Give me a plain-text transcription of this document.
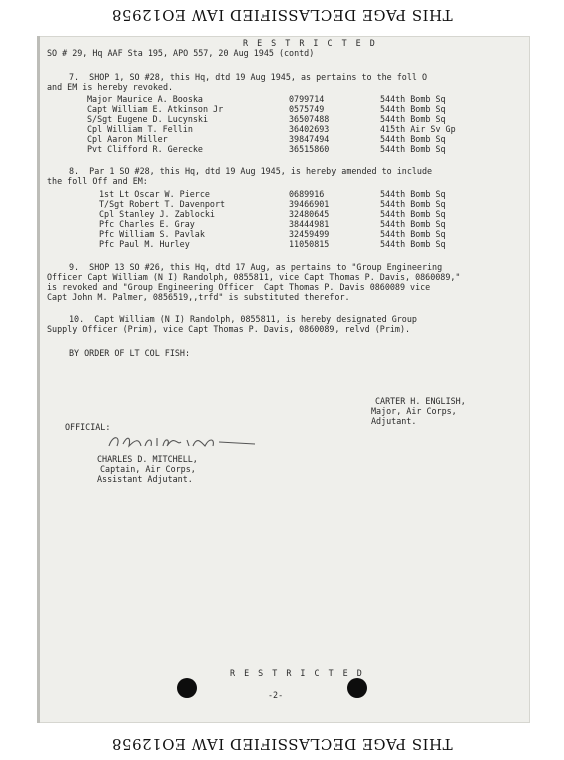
THIS PAGE DECLASSIFIED IAW EO12958
R E S T R I C T E D
SO # 29, Hq AAF Sta 195, APO 557, 20 Aug 1945 (contd)
7.  SHOP 1, SO #28, this Hq, dtd 19 Aug 1945, as pertains to the foll O
and EM is hereby revoked.
Major Maurice A. Booska	0799714	544th Bomb Sq
Capt William E. Atkinson Jr	0575749	544th Bomb Sq
S/Sgt Eugene D. Lucynski	36507488	544th Bomb Sq
Cpl William T. Fellin	36402693	415th Air Sv Gp
Cpl Aaron Miller	39847494	544th Bomb Sq
Pvt Clifford R. Gerecke	36515860	544th Bomb Sq
8.  Par 1 SO #28, this Hq, dtd 19 Aug 1945, is hereby amended to include
the foll Off and EM:
1st Lt Oscar W. Pierce	0689916	544th Bomb Sq
T/Sgt Robert T. Davenport	39466901	544th Bomb Sq
Cpl Stanley J. Zablocki	32480645	544th Bomb Sq
Pfc Charles E. Gray	38444981	544th Bomb Sq
Pfc William S. Pavlak	32459499	544th Bomb Sq
Pfc Paul M. Hurley	11050815	544th Bomb Sq
9.  SHOP 13 SO #26, this Hq, dtd 17 Aug, as pertains to "Group Engineering
Officer Capt William (N I) Randolph, 0855811, vice Capt Thomas P. Davis, 0860089,"
is revoked and "Group Engineering Officer  Capt Thomas P. Davis 0860089 vice
Capt John M. Palmer, 0856519,,trfd" is substituted therefor.
10.  Capt William (N I) Randolph, 0855811, is hereby designated Group
Supply Officer (Prim), vice Capt Thomas P. Davis, 0860089, relvd (Prim).
BY ORDER OF LT COL FISH:
CARTER H. ENGLISH,
Major, Air Corps,
Adjutant.
OFFICIAL:
CHARLES D. MITCHELL,
Captain, Air Corps,
Assistant Adjutant.
R E S T R I C T E D
-2-
THIS PAGE DECLASSIFIED IAW EO12958
